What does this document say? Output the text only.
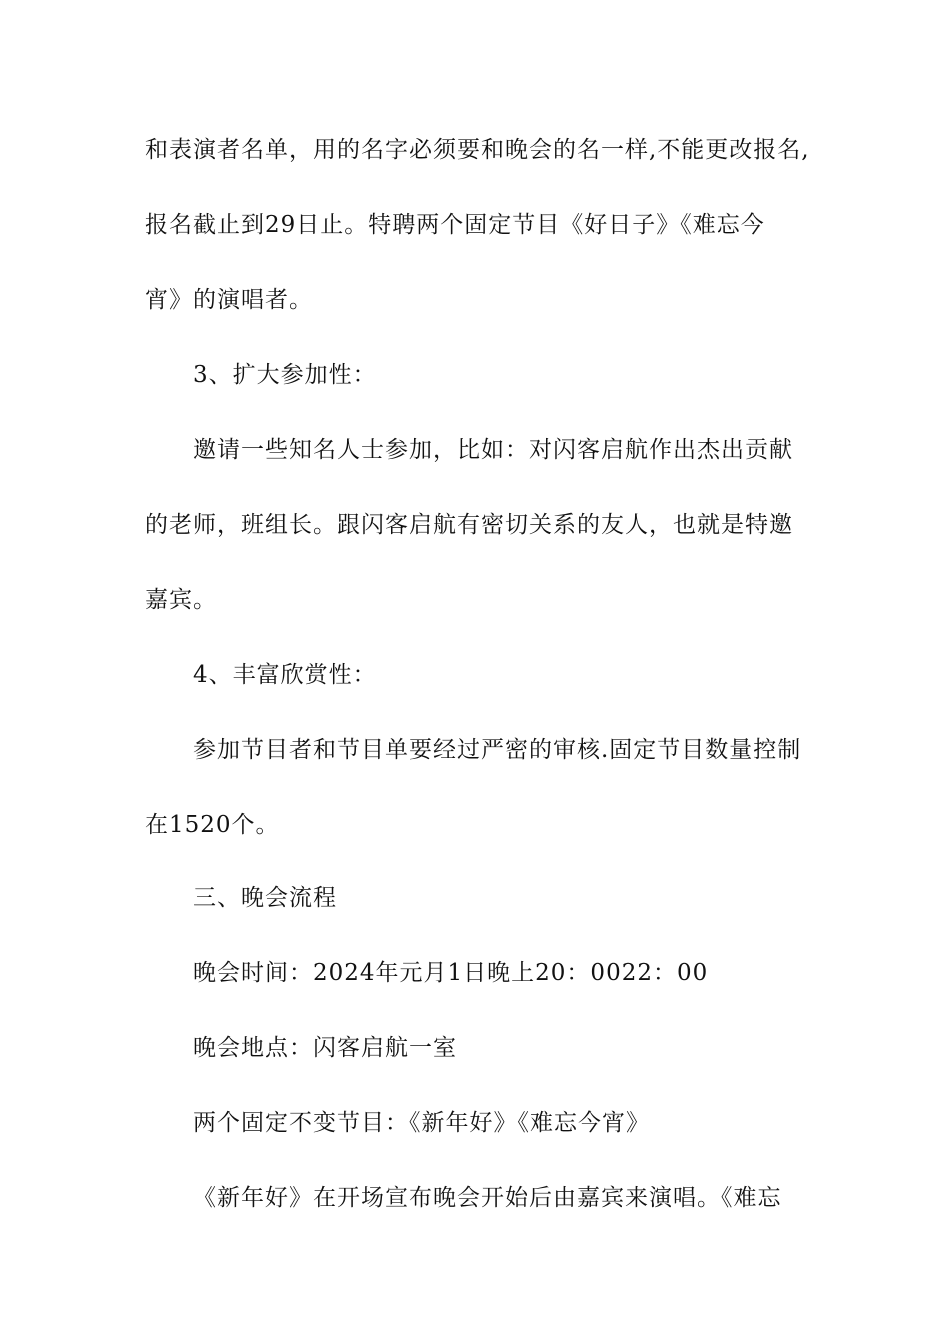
和表演者名单，用的名字必须要和晚会的名一样,不能更改报名,
报名截止到29日止。特聘两个固定节目《好日子》《难忘今
宵》的演唱者。
3、扩大参加性：
邀请一些知名人士参加，比如：对闪客启航作出杰出贡献
的老师，班组长。跟闪客启航有密切关系的友人，也就是特邀
嘉宾。
4、丰富欣赏性：
参加节目者和节目单要经过严密的审核.固定节目数量控制
在1520个。
三、晚会流程
晚会时间：2024年元月1日晚上20：0022：00
晚会地点：闪客启航一室
两个固定不变节目：《新年好》《难忘今宵》
《新年好》在开场宣布晚会开始后由嘉宾来演唱。《难忘
